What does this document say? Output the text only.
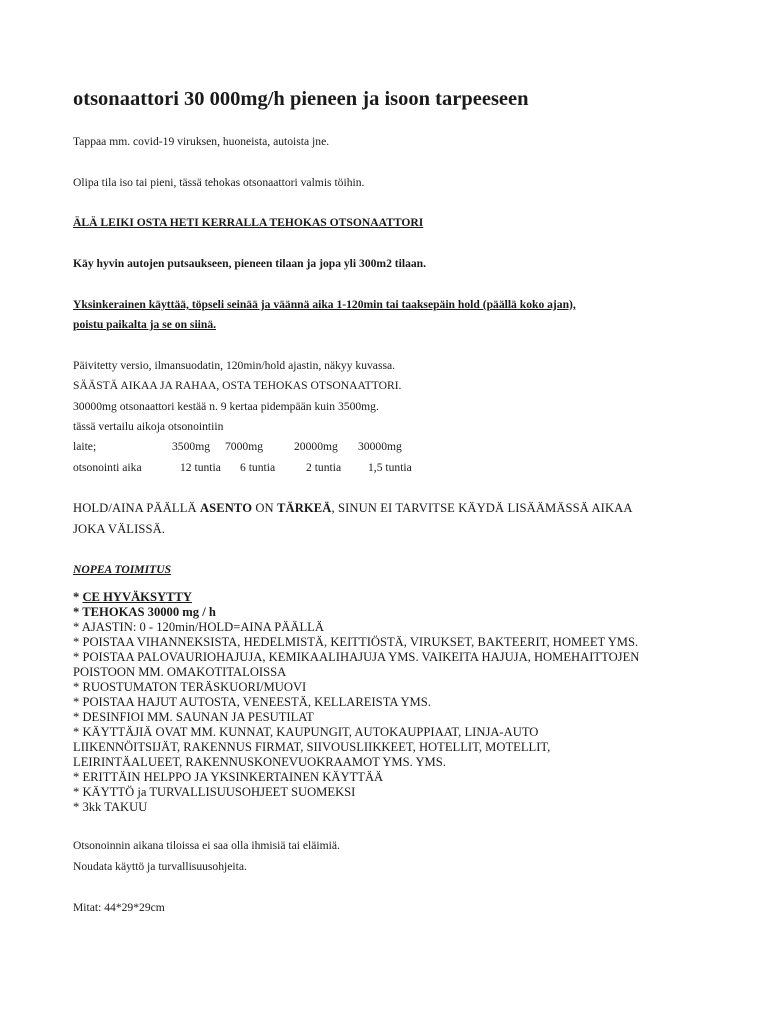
otsonaattori 30 000mg/h pieneen ja isoon tarpeeseen
Tappaa mm. covid-19 viruksen, huoneista, autoista jne.
Olipa tila iso tai pieni, tässä tehokas otsonaattori valmis töihin.
ÄLÄ LEIKI OSTA HETI KERRALLA TEHOKAS OTSONAATTORI
Käy hyvin autojen putsaukseen, pieneen tilaan ja jopa yli 300m2 tilaan.
Yksinkerainen käyttää, töpseli seinää ja väännä aika 1-120min tai taaksepäin hold (päällä koko ajan),
poistu paikalta ja se on siinä.
Päivitetty versio, ilmansuodatin, 120min/hold ajastin, näkyy kuvassa.
SÄÄSTÄ AIKAA JA RAHAA, OSTA TEHOKAS OTSONAATTORI.
30000mg otsonaattori kestää n. 9 kertaa pidempään kuin 3500mg.
tässä vertailu aikoja otsonointiin
laite;	3500mg 7000mg	20000mg 30000mg
otsonointi aika	12 tuntia 6 tuntia	2 tuntia 1,5 tuntia
HOLD/AINA PÄÄLLÄ ASENTO ON TÄRKEÄ, SINUN EI TARVITSE KÄYDÄ LISÄÄMÄSSÄ AIKAA
JOKA VÄLISSÄ.
NOPEA TOIMITUS
* CE HYVÄKSYTTY
* TEHOKAS 30000 mg / h
* AJASTIN: 0 - 120min/HOLD=AINA PÄÄLLÄ
* POISTAA VIHANNEKSISTA, HEDELMISTÄ, KEITTIÖSTÄ, VIRUKSET, BAKTEERIT, HOMEET YMS.
* POISTAA PALOVAURIOHAJUJA, KEMIKAALIHAJUJA YMS. VAIKEITA HAJUJA, HOMEHAITTOJEN
POISTOON MM. OMAKOTITALOISSA
* RUOSTUMATON TERÄSKUORI/MUOVI
* POISTAA HAJUT AUTOSTA, VENEESTÄ, KELLAREISTA YMS.
* DESINFIOI MM. SAUNAN JA PESUTILAT
* KÄYTTÄJIÄ OVAT MM. KUNNAT, KAUPUNGIT, AUTOKAUPPIAAT, LINJA-AUTO
LIIKENNÖITSIJÄT, RAKENNUS FIRMAT, SIIVOUSLIIKKEET, HOTELLIT, MOTELLIT,
LEIRINTÄALUEET, RAKENNUSKONEVUOKRAAMOT YMS. YMS.
* ERITTÄIN HELPPO JA YKSINKERTAINEN KÄYTTÄÄ
* KÄYTTÖ ja TURVALLISUUSOHJEET SUOMEKSI
* 3kk TAKUU
Otsonoinnin aikana tiloissa ei saa olla ihmisiä tai eläimiä.
Noudata käyttö ja turvallisuusohjeita.
Mitat: 44*29*29cm
